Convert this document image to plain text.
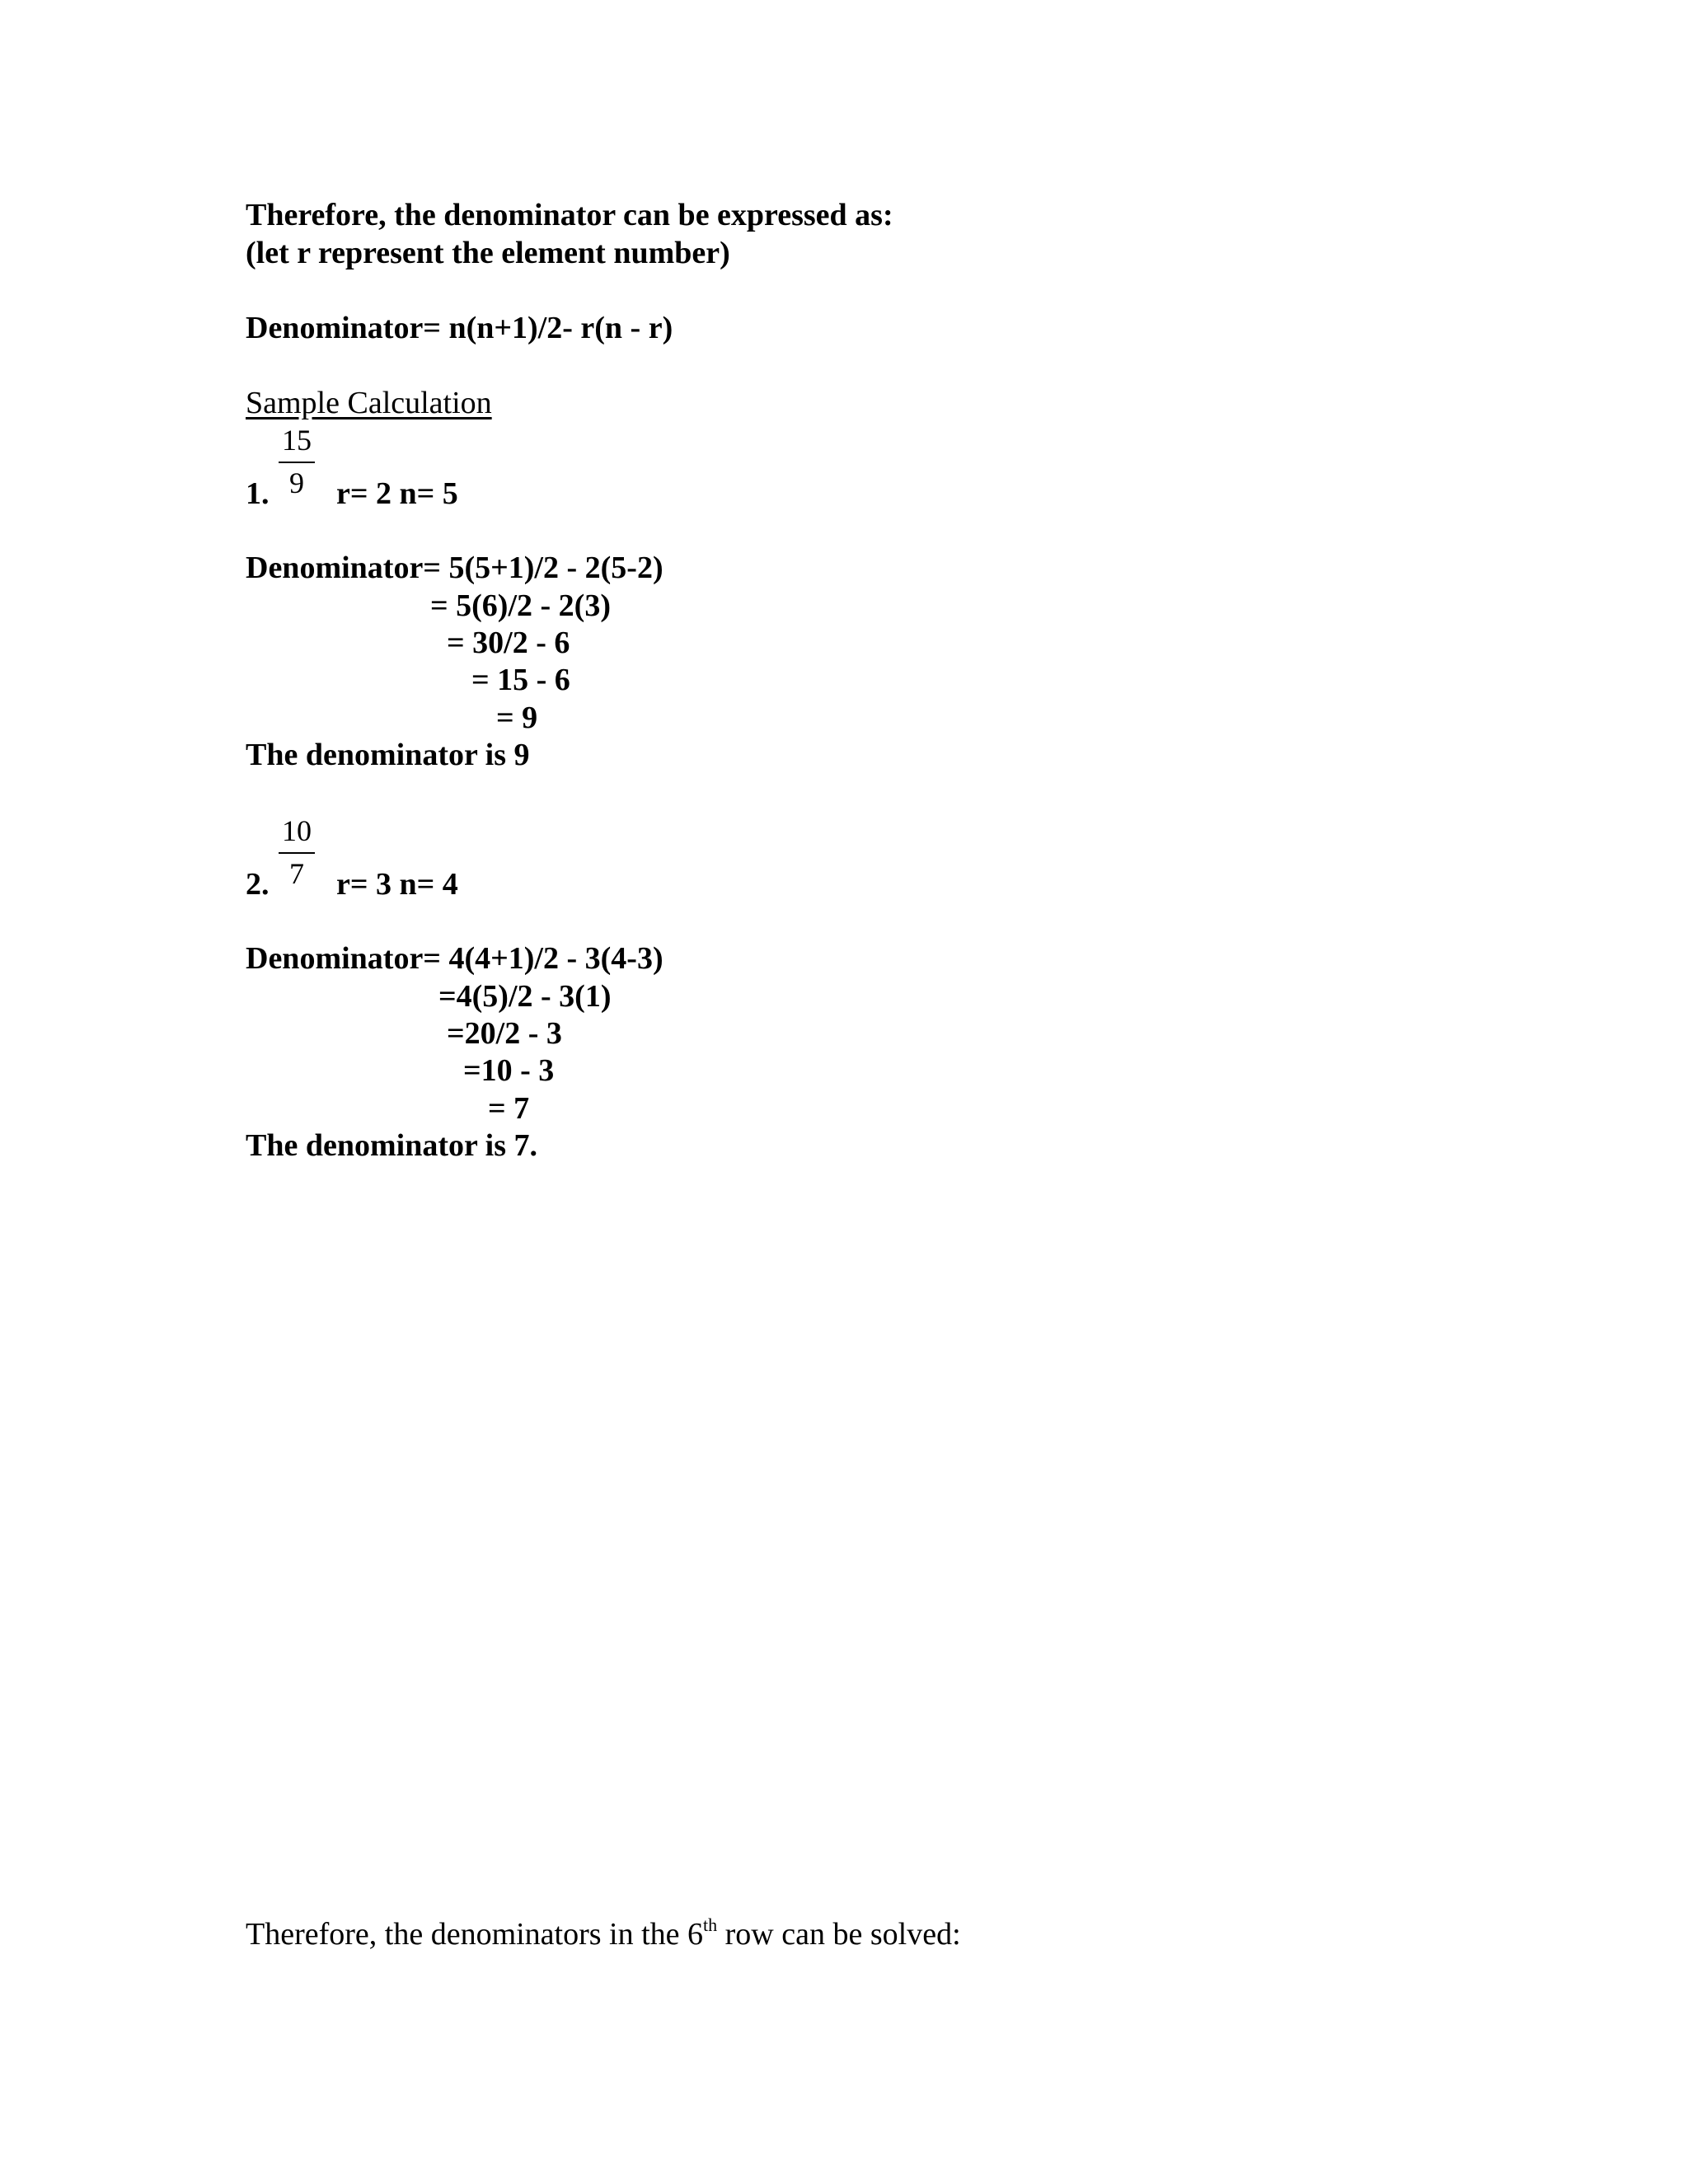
Therefore, the denominator can be expressed as:
(let r represent the element number)
Denominator= n(n+1)/2- r(n - r)
Sample Calculation
$\frac{15}{9}$
1. r= 2 n= 5
Denominator= 5(5+1)/2 - 2(5-2)
= 5(6)/2 - 2(3)
= 30/2 - 6
= 15 - 6
= 9
The denominator is 9
$\frac{10}{7}$
2. r= 3 n= 4
Denominator= 4(4+1)/2 - 3(4-3)
=4(5)/2 - 3(1)
=20/2 - 3
=10 - 3
= 7
The denominator is 7.
Therefore, the denominators in the 6th row can be solved:
